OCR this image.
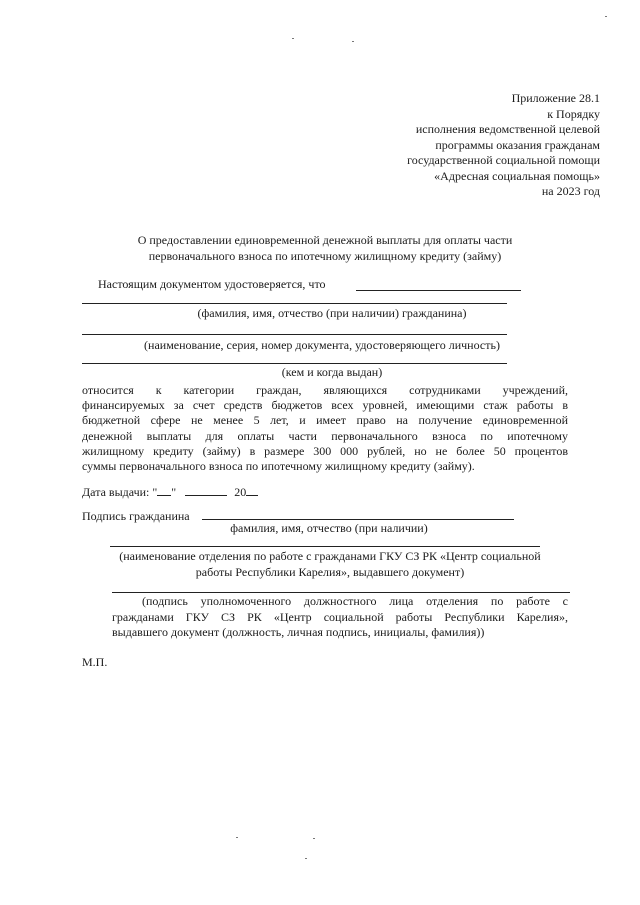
Приложение 28.1
к Порядку
исполнения ведомственной целевой
программы оказания гражданам
государственной социальной помощи
«Адресная социальная помощь»
на 2023 год
О предоставлении единовременной денежной выплаты для оплаты части
первоначального взноса по ипотечному жилищному кредиту (займу)
Настоящим документом удостоверяется, что
(фамилия, имя, отчество (при наличии) гражданина)
(наименование, серия, номер документа, удостоверяющего личность)
(кем и когда выдан)
относится к категории граждан, являющихся сотрудниками учреждений,
финансируемых за счет средств бюджетов всех уровней, имеющими стаж работы в
бюджетной сфере не менее 5 лет, и имеет право на получение единовременной
денежной выплаты для оплаты части первоначального взноса по ипотечному
жилищному кредиту (займу) в размере 300 000 рублей, но не более 50 процентов
суммы первоначального взноса по ипотечному жилищному кредиту (займу).
Дата выдачи: " "	20
Подпись гражданина
фамилия, имя, отчество (при наличии)
(наименование отделения по работе с гражданами ГКУ СЗ РК «Центр социальной
работы Республики Карелия», выдавшего документ)
(подпись уполномоченного должностного лица отделения по работе с
гражданами ГКУ СЗ РК «Центр социальной работы Республики Карелия»,
выдавшего документ (должность, личная подпись, инициалы, фамилия))
М.П.
